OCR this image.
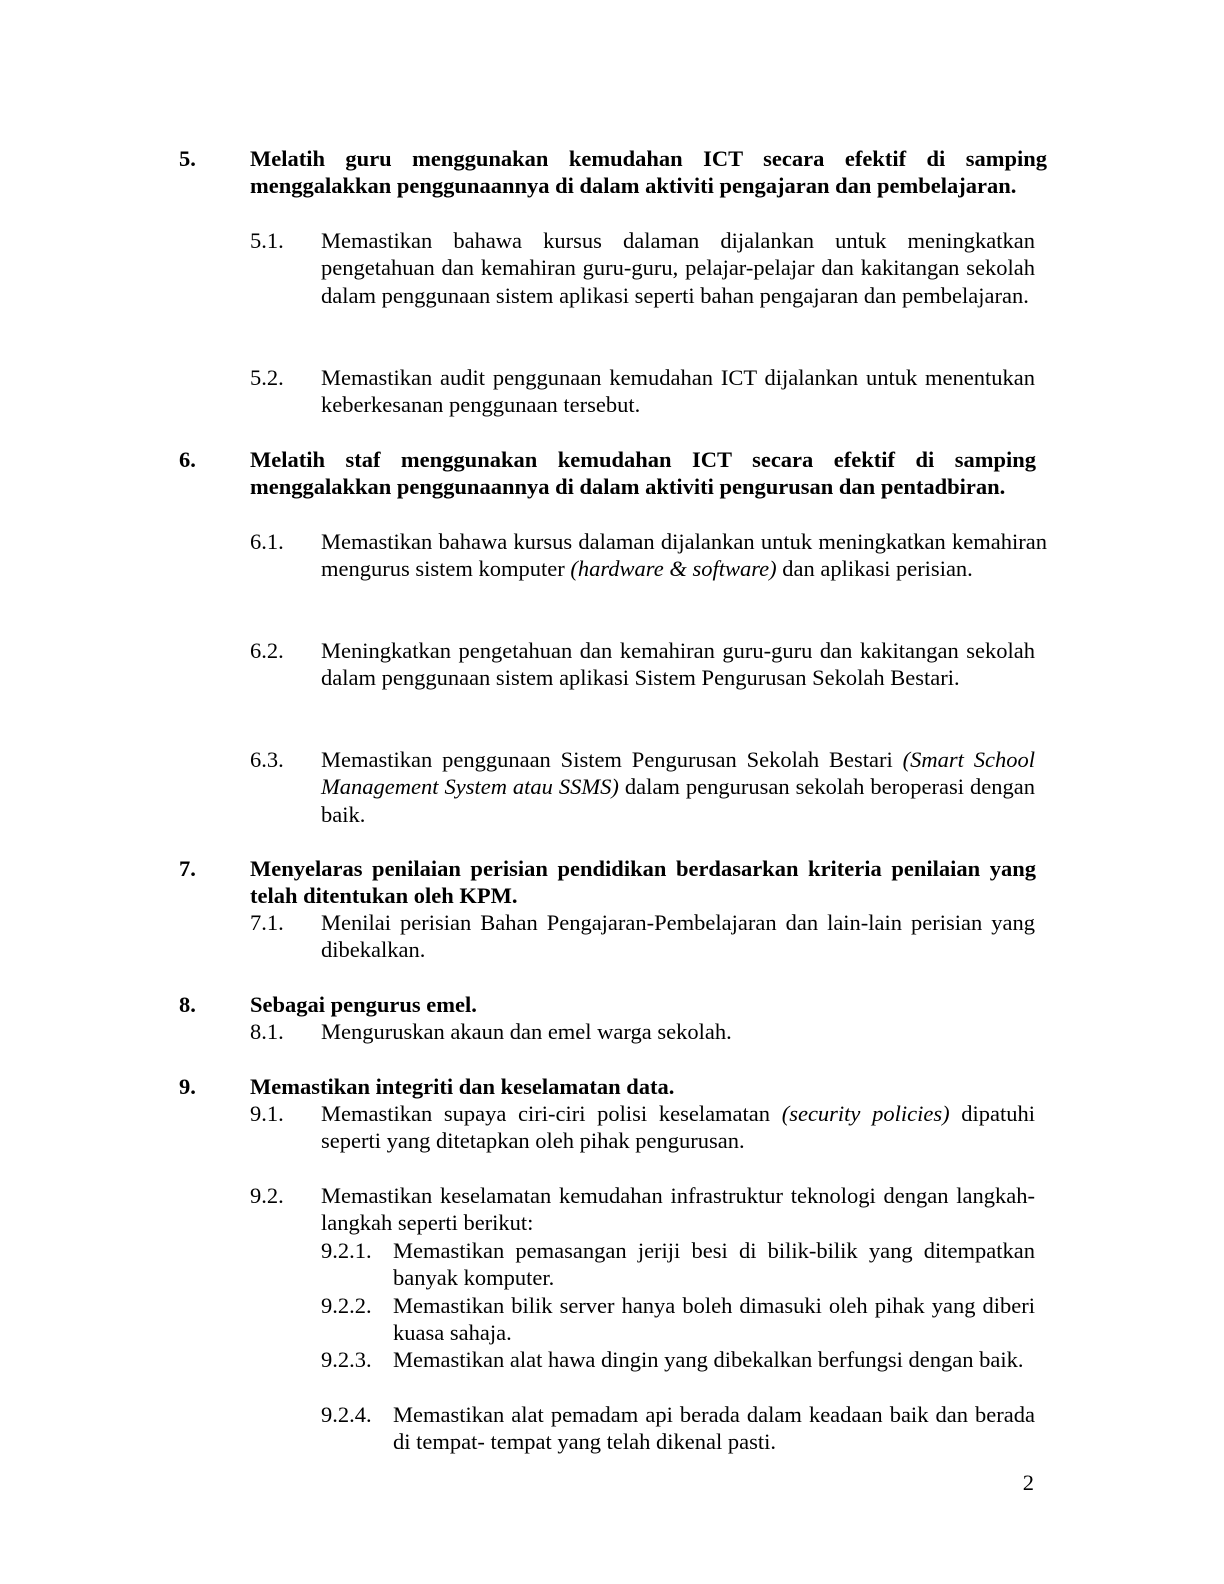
5. Melatih guru menggunakan kemudahan ICT secara efektif di samping menggalakkan penggunaannya di dalam aktiviti pengajaran dan pembelajaran.
5.1. Memastikan bahawa kursus dalaman dijalankan untuk meningkatkan pengetahuan dan kemahiran guru-guru, pelajar-pelajar dan kakitangan sekolah dalam penggunaan sistem aplikasi seperti bahan pengajaran dan pembelajaran.
5.2. Memastikan audit penggunaan kemudahan ICT dijalankan untuk menentukan keberkesanan penggunaan tersebut.
6. Melatih staf menggunakan kemudahan ICT secara efektif di samping menggalakkan penggunaannya di dalam aktiviti pengurusan dan pentadbiran.
6.1. Memastikan bahawa kursus dalaman dijalankan untuk meningkatkan kemahiran mengurus sistem komputer (hardware & software) dan aplikasi perisian.
6.2. Meningkatkan pengetahuan dan kemahiran guru-guru dan kakitangan sekolah dalam penggunaan sistem aplikasi Sistem Pengurusan Sekolah Bestari.
6.3. Memastikan penggunaan Sistem Pengurusan Sekolah Bestari (Smart School Management System atau SSMS) dalam pengurusan sekolah beroperasi dengan baik.
7. Menyelaras penilaian perisian pendidikan berdasarkan kriteria penilaian yang telah ditentukan oleh KPM.
7.1. Menilai perisian Bahan Pengajaran-Pembelajaran dan lain-lain perisian yang dibekalkan.
8. Sebagai pengurus emel.
8.1. Menguruskan akaun dan emel warga sekolah.
9. Memastikan integriti dan keselamatan data.
9.1. Memastikan supaya ciri-ciri polisi keselamatan (security policies) dipatuhi seperti yang ditetapkan oleh pihak pengurusan.
9.2. Memastikan keselamatan kemudahan infrastruktur teknologi dengan langkah-langkah seperti berikut:
9.2.1. Memastikan pemasangan jeriji besi di bilik-bilik yang ditempatkan banyak komputer.
9.2.2. Memastikan bilik server hanya boleh dimasuki oleh pihak yang diberi kuasa sahaja.
9.2.3. Memastikan alat hawa dingin yang dibekalkan berfungsi dengan baik.
9.2.4. Memastikan alat pemadam api berada dalam keadaan baik dan berada di tempat- tempat yang telah dikenal pasti.
2
